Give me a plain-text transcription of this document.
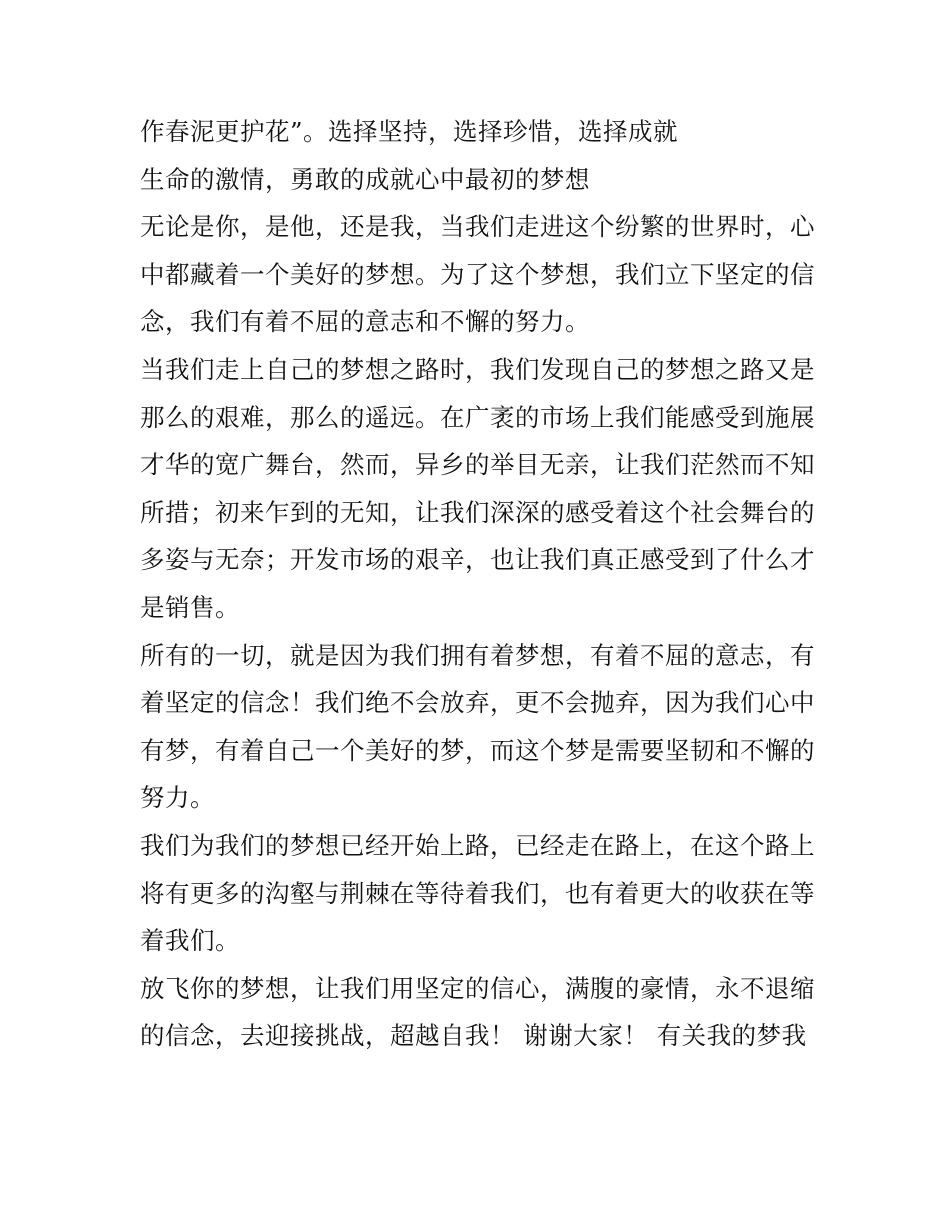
作春泥更护花”。选择坚持，选择珍惜，选择成就
生命的激情，勇敢的成就心中最初的梦想
无论是你，是他，还是我，当我们走进这个纷繁的世界时，心
中都藏着一个美好的梦想。为了这个梦想，我们立下坚定的信
念，我们有着不屈的意志和不懈的努力。
当我们走上自己的梦想之路时，我们发现自己的梦想之路又是
那么的艰难，那么的遥远。在广袤的市场上我们能感受到施展
才华的宽广舞台，然而，异乡的举目无亲，让我们茫然而不知
所措；初来乍到的无知，让我们深深的感受着这个社会舞台的
多姿与无奈；开发市场的艰辛，也让我们真正感受到了什么才
是销售。
所有的一切，就是因为我们拥有着梦想，有着不屈的意志，有
着坚定的信念！我们绝不会放弃，更不会抛弃，因为我们心中
有梦，有着自己一个美好的梦，而这个梦是需要坚韧和不懈的
努力。
我们为我们的梦想已经开始上路，已经走在路上，在这个路上
将有更多的沟壑与荆棘在等待着我们，也有着更大的收获在等
着我们。
放飞你的梦想，让我们用坚定的信心，满腹的豪情，永不退缩
的信念，去迎接挑战，超越自我！ 谢谢大家！ 有关我的梦我
